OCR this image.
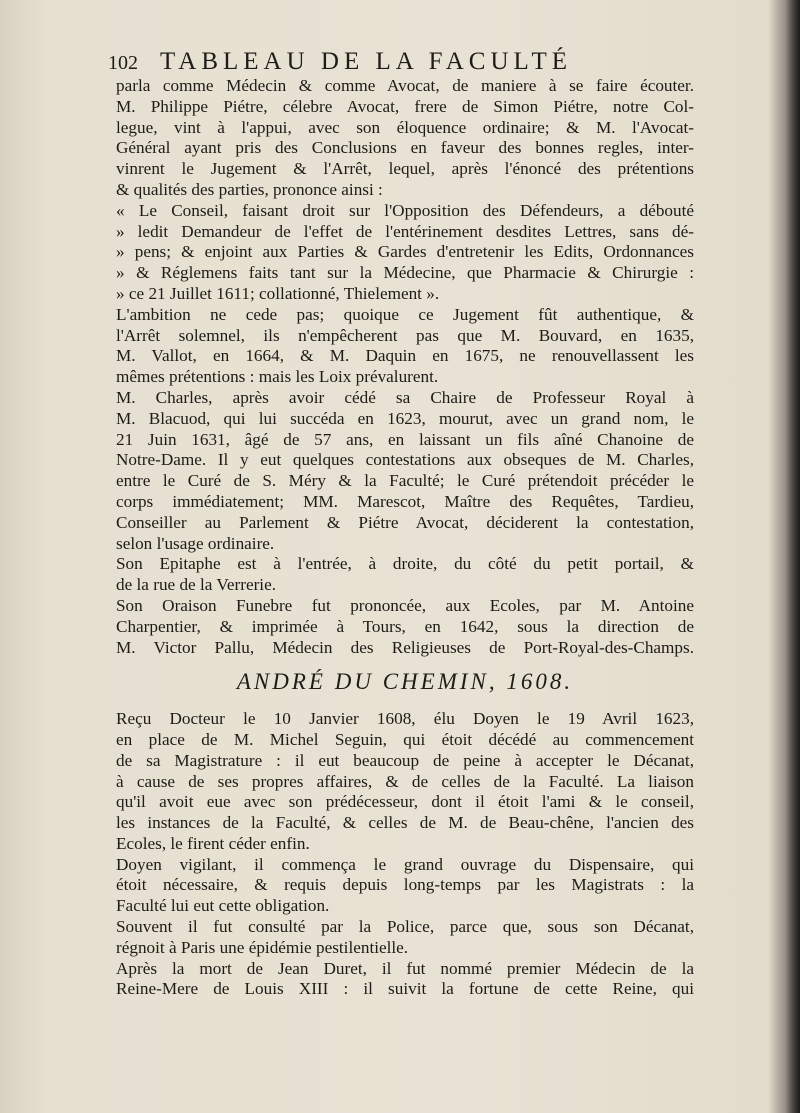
102 TABLEAU DE LA FACULTÉ
parla comme Médecin & comme Avocat, de maniere à se faire écouter.
M. Philippe Piétre, célebre Avocat, frere de Simon Piétre, notre Col-
legue, vint à l'appui, avec son éloquence ordinaire; & M. l'Avocat-
Général ayant pris des Conclusions en faveur des bonnes regles, inter-
vinrent le Jugement & l'Arrêt, lequel, après l'énoncé des prétentions
& qualités des parties, prononce ainsi :
« Le Conseil, faisant droit sur l'Opposition des Défendeurs, a débouté
» ledit Demandeur de l'effet de l'entérinement desdites Lettres, sans dé-
» pens; & enjoint aux Parties & Gardes d'entretenir les Edits, Ordonnances
» & Réglemens faits tant sur la Médecine, que Pharmacie & Chirurgie :
» ce 21 Juillet 1611; collationné, Thielement ».
L'ambition ne cede pas; quoique ce Jugement fût authentique, &
l'Arrêt solemnel, ils n'empêcherent pas que M. Bouvard, en 1635,
M. Vallot, en 1664, & M. Daquin en 1675, ne renouvellassent les
mêmes prétentions : mais les Loix prévalurent.
M. Charles, après avoir cédé sa Chaire de Professeur Royal à
M. Blacuod, qui lui succéda en 1623, mourut, avec un grand nom, le
21 Juin 1631, âgé de 57 ans, en laissant un fils aîné Chanoine de
Notre-Dame. Il y eut quelques contestations aux obseques de M. Charles,
entre le Curé de S. Méry & la Faculté; le Curé prétendoit précéder le
corps immédiatement; MM. Marescot, Maître des Requêtes, Tardieu,
Conseiller au Parlement & Piétre Avocat, déciderent la contestation,
selon l'usage ordinaire.
Son Epitaphe est à l'entrée, à droite, du côté du petit portail, &
de la rue de la Verrerie.
Son Oraison Funebre fut prononcée, aux Ecoles, par M. Antoine
Charpentier, & imprimée à Tours, en 1642, sous la direction de
M. Victor Pallu, Médecin des Religieuses de Port-Royal-des-Champs.
ANDRÉ DU CHEMIN, 1608.
Reçu Docteur le 10 Janvier 1608, élu Doyen le 19 Avril 1623,
en place de M. Michel Seguin, qui étoit décédé au commencement
de sa Magistrature : il eut beaucoup de peine à accepter le Décanat,
à cause de ses propres affaires, & de celles de la Faculté. La liaison
qu'il avoit eue avec son prédécesseur, dont il étoit l'ami & le conseil,
les instances de la Faculté, & celles de M. de Beau-chêne, l'ancien des
Ecoles, le firent céder enfin.
Doyen vigilant, il commença le grand ouvrage du Dispensaire, qui
étoit nécessaire, & requis depuis long-temps par les Magistrats : la
Faculté lui eut cette obligation.
Souvent il fut consulté par la Police, parce que, sous son Décanat,
régnoit à Paris une épidémie pestilentielle.
Après la mort de Jean Duret, il fut nommé premier Médecin de la
Reine-Mere de Louis XIII : il suivit la fortune de cette Reine, qui
